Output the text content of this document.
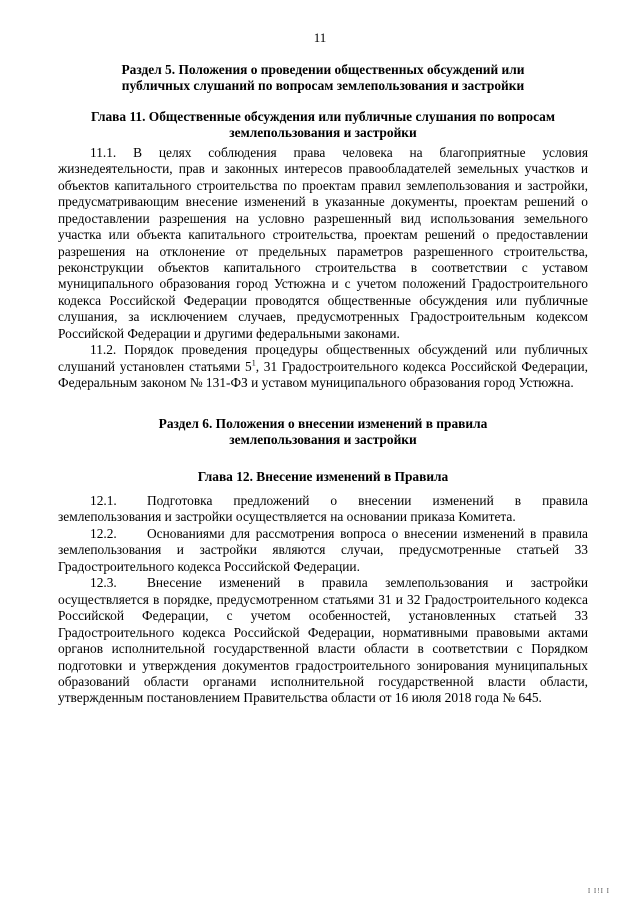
11
Раздел 5. Положения о проведении общественных обсуждений или
публичных слушаний по вопросам землепользования и застройки
Глава 11. Общественные обсуждения или публичные слушания по вопросам
землепользования и застройки

11.1. В целях соблюдения права человека на благоприятные условия жизнедеятельности, прав и законных интересов правообладателей земельных участков и объектов капитального строительства по проектам правил землепользования и застройки, предусматривающим внесение изменений в указанные документы, проектам решений о предоставлении разрешения на условно разрешенный вид использования земельного участка или объекта капитального строительства, проектам решений о предоставлении разрешения на отклонение от предельных параметров разрешенного строительства, реконструкции объектов капитального строительства в соответствии с уставом муниципального образования город Устюжна и с учетом положений Градостроительного кодекса Российской Федерации проводятся общественные обсуждения или публичные слушания, за исключением случаев, предусмотренных Градостроительным кодексом Российской Федерации и другими федеральными законами.

11.2. Порядок проведения процедуры общественных обсуждений или публичных слушаний установлен статьями $5^1$, 31 Градостроительного кодекса Российской Федерации, Федеральным законом № 131-ФЗ и уставом муниципального образования город Устюжна.

Раздел 6. Положения о внесении изменений в правила
землепользования и застройки
Глава 12. Внесение изменений в Правила

12.1. Подготовка предложений о внесении изменений в правила землепользования и застройки осуществляется на основании приказа Комитета.

12.2. Основаниями для рассмотрения вопроса о внесении изменений в правила землепользования и застройки являются случаи, предусмотренные статьей 33 Градостроительного кодекса Российской Федерации.

12.3. Внесение изменений в правила землепользования и застройки осуществляется в порядке, предусмотренном статьями 31 и 32 Градостроительного кодекса Российской Федерации, с учетом особенностей, установленных статьей 33 Градостроительного кодекса Российской Федерации, нормативными правовыми актами органов исполнительной государственной власти области в соответствии с Порядком подготовки и утверждения документов градостроительного зонирования муниципальных образований области органами исполнительной государственной власти области, утвержденным постановлением Правительства области от 16 июля 2018 года № 645.

I I!I I
